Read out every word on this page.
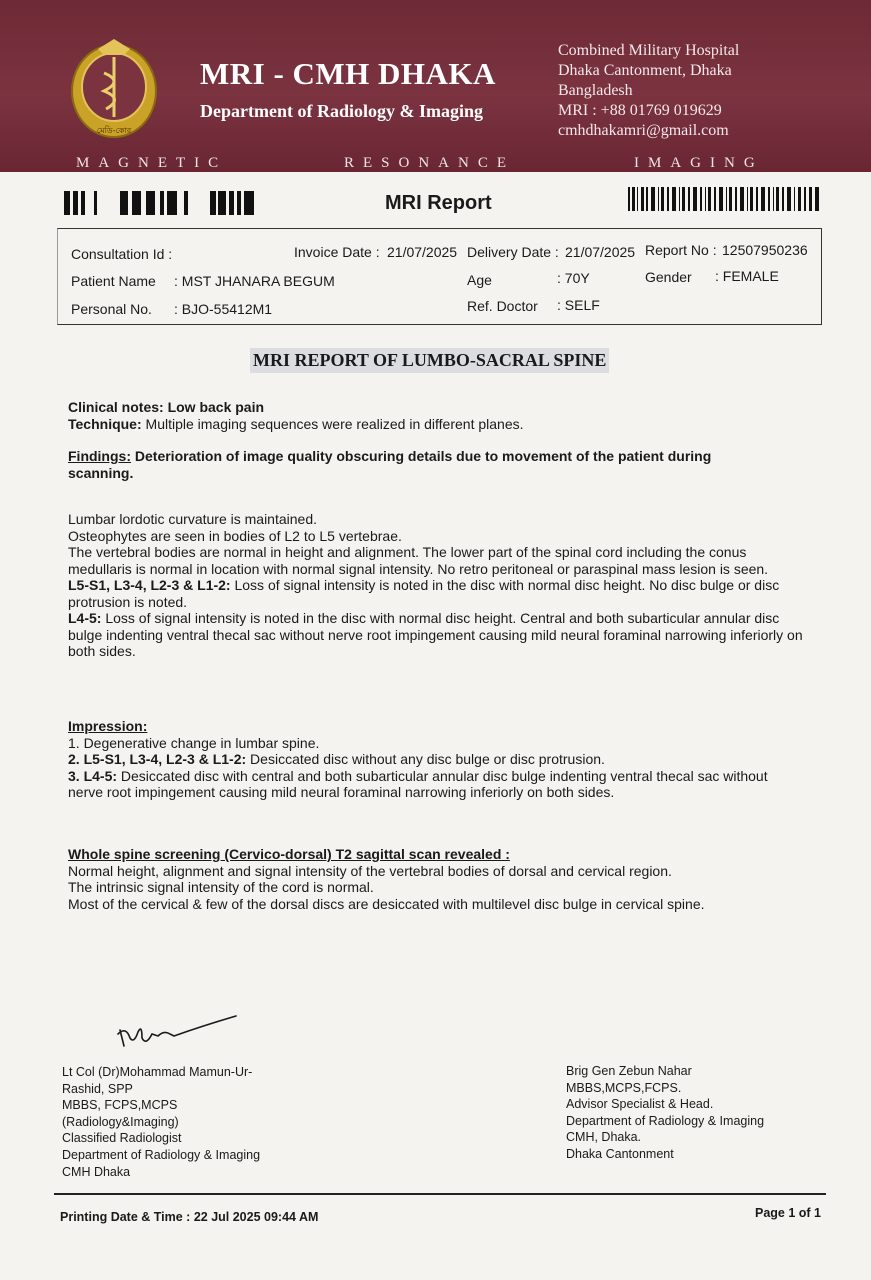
মেডি-কোর
MRI - CMH DHAKA
Department of Radiology & Imaging
Combined Military Hospital
Dhaka Cantonment, Dhaka
Bangladesh
MRI : +88 01769 019629
cmhdhakamri@gmail.com
MAGNETIC	RESONANCE	IMAGING
MRI Report
Consultation Id :	Invoice Date : 21/07/2025 Delivery Date : 21/07/2025 Report No : 12507950236
Patient Name : MST JHANARA BEGUM	Age	: 70Y	Gender : FEMALE
Personal No. : BJO-55412M1	Ref. Doctor : SELF
MRI REPORT OF LUMBO-SACRAL SPINE

Clinical notes: Low back pain

Technique: Multiple imaging sequences were realized in different planes.

Findings: Deterioration of image quality obscuring details due to movement of the patient during scanning.

Lumbar lordotic curvature is maintained.

Osteophytes are seen in bodies of L2 to L5 vertebrae.

The vertebral bodies are normal in height and alignment. The lower part of the spinal cord including the conus medullaris is normal in location with normal signal intensity. No retro peritoneal or paraspinal mass lesion is seen.

L5-S1, L3-4, L2-3 & L1-2: Loss of signal intensity is noted in the disc with normal disc height. No disc bulge or disc protrusion is noted.

L4-5: Loss of signal intensity is noted in the disc with normal disc height. Central and both subarticular annular disc bulge indenting ventral thecal sac without nerve root impingement causing mild neural foraminal narrowing inferiorly on both sides.

Impression:

1. Degenerative change in lumbar spine.

2. L5-S1, L3-4, L2-3 & L1-2: Desiccated disc without any disc bulge or disc protrusion.

3. L4-5: Desiccated disc with central and both subarticular annular disc bulge indenting ventral thecal sac without nerve root impingement causing mild neural foraminal narrowing inferiorly on both sides.

Whole spine screening (Cervico-dorsal) T2 sagittal scan revealed :

Normal height, alignment and signal intensity of the vertebral bodies of dorsal and cervical region.

The intrinsic signal intensity of the cord is normal.

Most of the cervical & few of the dorsal discs are desiccated with multilevel disc bulge in cervical spine.

Lt Col (Dr)Mohammad Mamun-Ur-
Rashid, SPP
MBBS, FCPS,MCPS
(Radiology&Imaging)
Classified Radiologist
Department of Radiology & Imaging
CMH Dhaka
Brig Gen Zebun Nahar
MBBS,MCPS,FCPS.
Advisor Specialist & Head.
Department of Radiology & Imaging
CMH, Dhaka.
Dhaka Cantonment
Printing Date & Time : 22 Jul 2025 09:44 AM	Page 1 of 1
